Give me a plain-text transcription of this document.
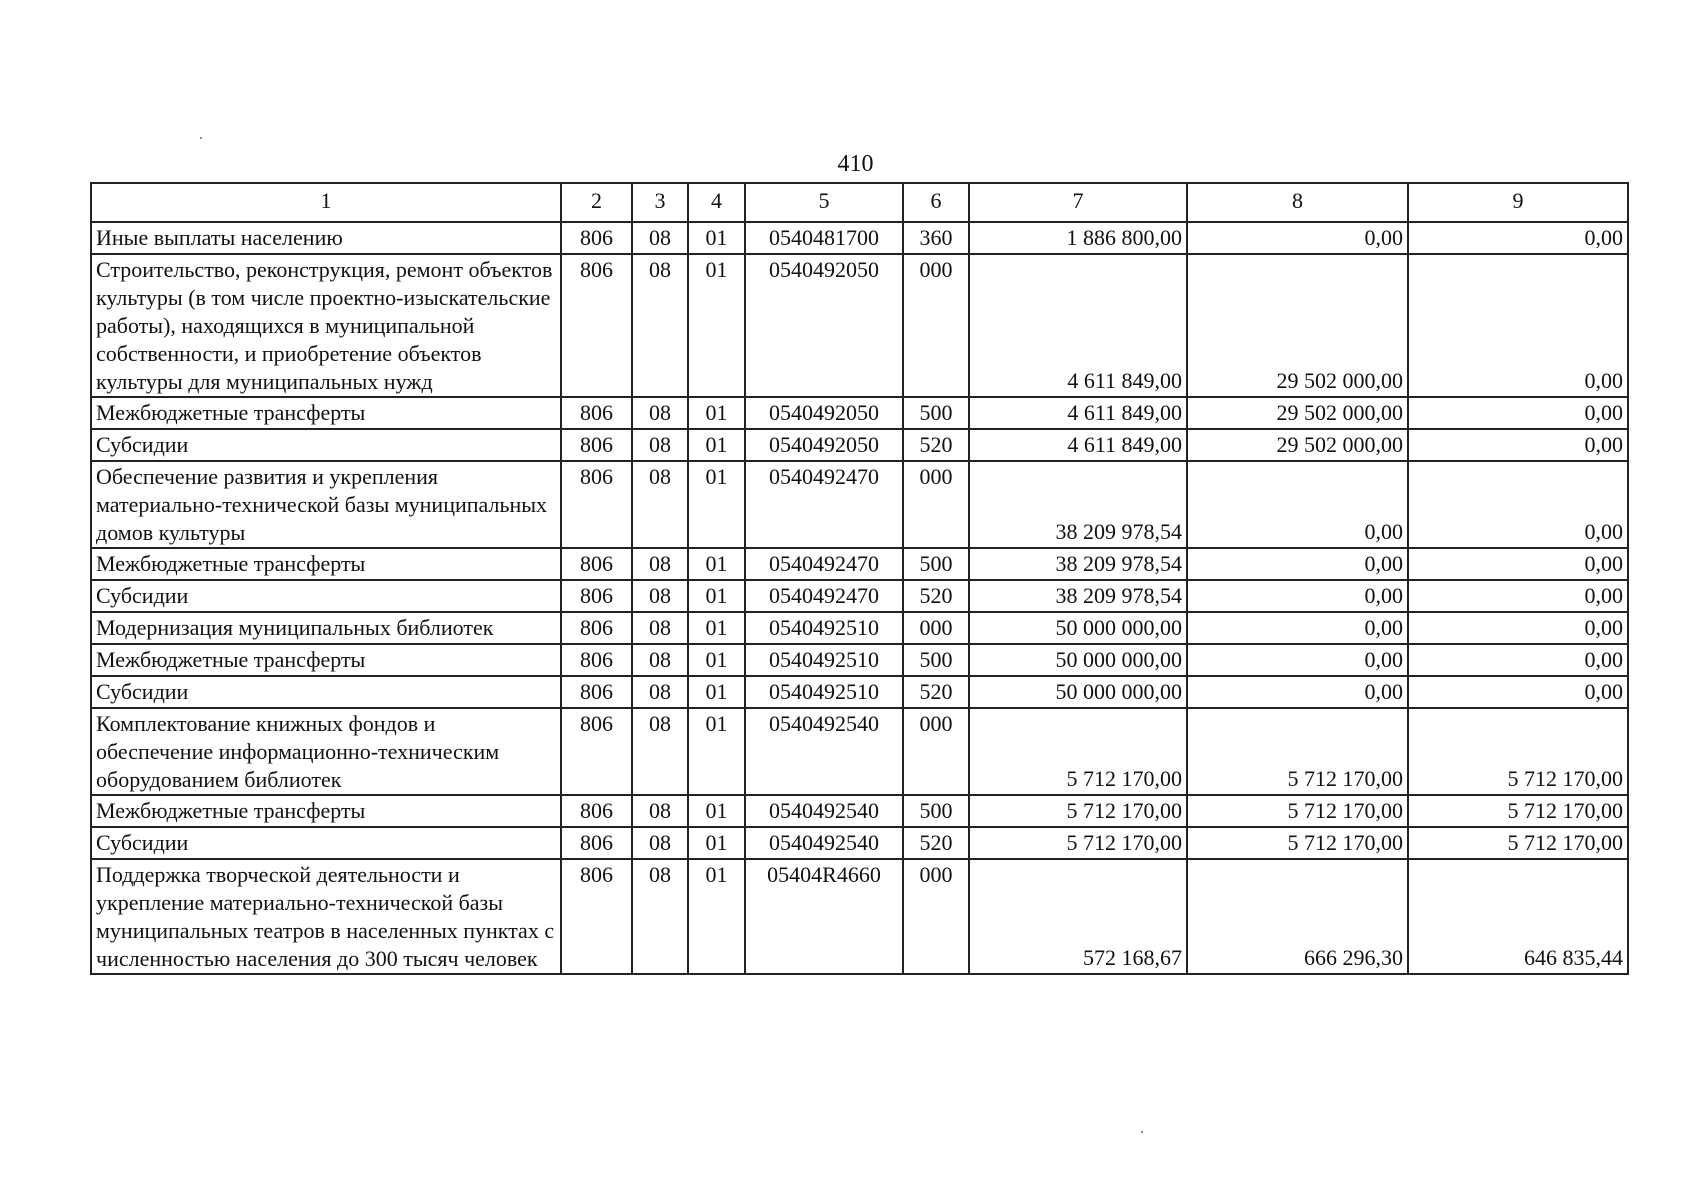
410
1	2	3	4	5	6	7	8	9
Иные выплаты населению	806	08	01	0540481700	360	1 886 800,00	0,00	0,00
Строительство, реконструкция, ремонт объектов культуры (в том числе проектно-изыскательские работы), находящихся в муниципальной собственности, и приобретение объектов культуры для муниципальных нужд	806	08	01	0540492050	000	4 611 849,00	29 502 000,00	0,00
Межбюджетные трансферты	806	08	01	0540492050	500	4 611 849,00	29 502 000,00	0,00
Субсидии	806	08	01	0540492050	520	4 611 849,00	29 502 000,00	0,00
Обеспечение развития и укрепления материально-технической базы муниципальных домов культуры	806	08	01	0540492470	000	38 209 978,54	0,00	0,00
Межбюджетные трансферты	806	08	01	0540492470	500	38 209 978,54	0,00	0,00
Субсидии	806	08	01	0540492470	520	38 209 978,54	0,00	0,00
Модернизация муниципальных библиотек	806	08	01	0540492510	000	50 000 000,00	0,00	0,00
Межбюджетные трансферты	806	08	01	0540492510	500	50 000 000,00	0,00	0,00
Субсидии	806	08	01	0540492510	520	50 000 000,00	0,00	0,00
Комплектование книжных фондов и обеспечение информационно-техническим оборудованием библиотек	806	08	01	0540492540	000	5 712 170,00	5 712 170,00	5 712 170,00
Межбюджетные трансферты	806	08	01	0540492540	500	5 712 170,00	5 712 170,00	5 712 170,00
Субсидии	806	08	01	0540492540	520	5 712 170,00	5 712 170,00	5 712 170,00
Поддержка творческой деятельности и укрепление материально-технической базы муниципальных театров в населенных пунктах с численностью населения до 300 тысяч человек	806	08	01	05404R4660	000	572 168,67	666 296,30	646 835,44
